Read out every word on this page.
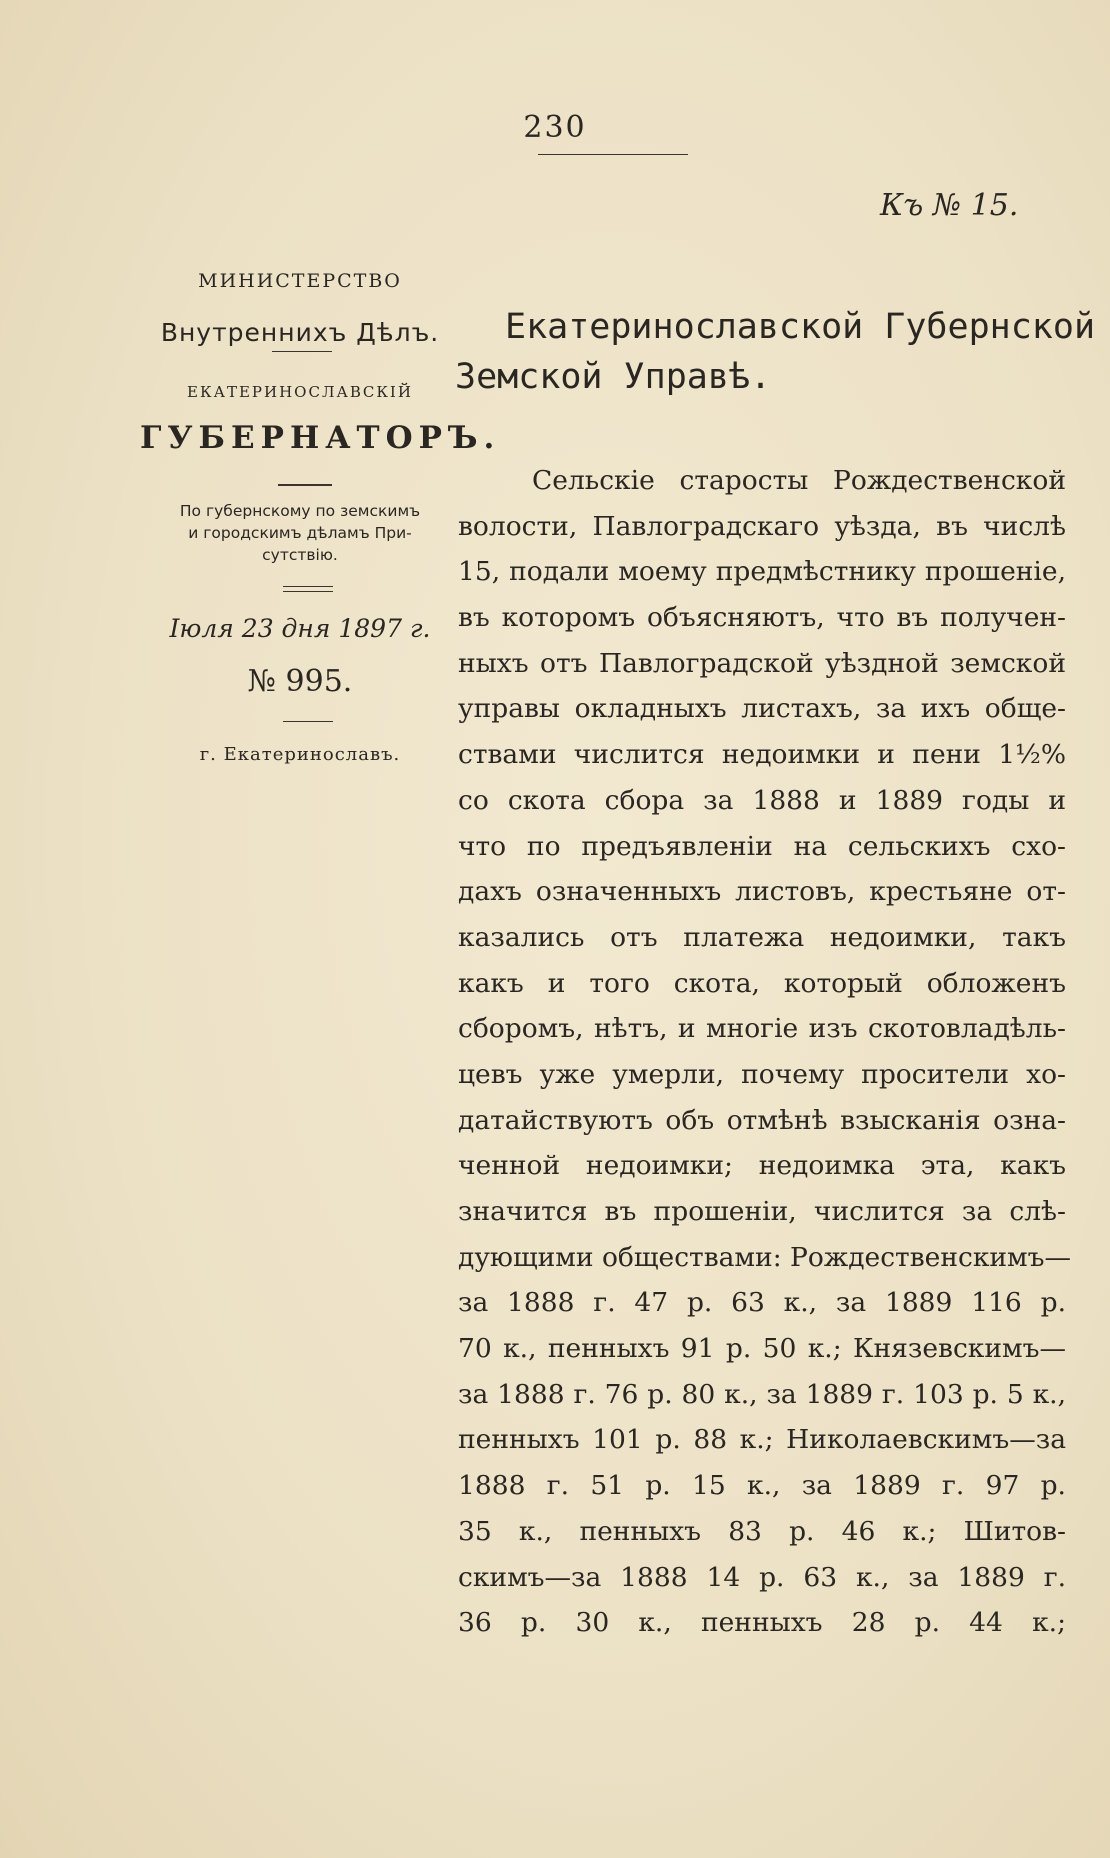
230
Къ № 15.
МИНИСТЕРСТВО
Внутреннихъ Дѣлъ.
ЕКАТЕРИНОСЛАВСКІЙ
ГУБЕРНАТОРЪ.
По губернскому по земскимъ
и городскимъ дѣламъ При-
сутствію.
Іюля 23 дня 1897 г.
№ 995.
г. Екатеринославъ.
Екатеринославской Губернской
Земской Управѣ.
Сельскіе старосты Рождественской
волости, Павлоградскаго уѣзда, въ числѣ
15, подали моему предмѣстнику прошеніе,
въ которомъ объясняютъ, что въ получен-
ныхъ отъ Павлоградской уѣздной земской
управы окладныхъ листахъ, за ихъ обще-
ствами числится недоимки и пени 1½%
со скота сбора за 1888 и 1889 годы и
что по предъявленіи на сельскихъ схо-
дахъ означенныхъ листовъ, крестьяне от-
казались отъ платежа недоимки, такъ
какъ и того скота, который обложенъ
сборомъ, нѣтъ, и многіе изъ скотовладѣль-
цевъ уже умерли, почему просители хо-
датайствуютъ объ отмѣнѣ взысканія озна-
ченной недоимки; недоимка эта, какъ
значится въ прошеніи, числится за слѣ-
дующими обществами: Рождественскимъ—
за 1888 г. 47 р. 63 к., за 1889 116 р.
70 к., пенныхъ 91 р. 50 к.; Князевскимъ—
за 1888 г. 76 р. 80 к., за 1889 г. 103 р. 5 к.,
пенныхъ 101 р. 88 к.; Николаевскимъ—за
1888 г. 51 р. 15 к., за 1889 г. 97 р.
35 к., пенныхъ 83 р. 46 к.; Шитов-
скимъ—за 1888 14 р. 63 к., за 1889 г.
36 р. 30 к., пенныхъ 28 р. 44 к.;
